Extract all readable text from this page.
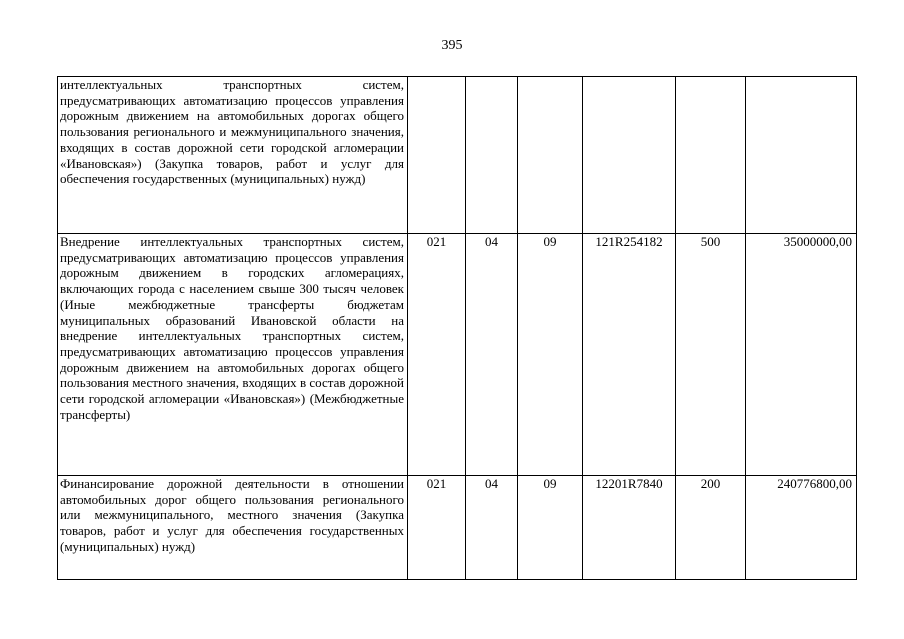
395
интеллектуальных транспортных систем, предусматривающих автоматизацию процессов управления дорожным движением на автомобильных дорогах общего пользования регионального и межмуниципального значения, входящих в состав дорожной сети городской агломерации «Ивановская») (Закупка товаров, работ и услуг для обеспечения государственных (муниципальных) нужд)						
Внедрение интеллектуальных транспортных систем, предусматривающих автоматизацию процессов управления дорожным движением в городских агломерациях, включающих города с населением свыше 300 тысяч человек (Иные межбюджетные трансферты бюджетам муниципальных образований Ивановской области на внедрение интеллектуальных транспортных систем, предусматривающих автоматизацию процессов управления дорожным движением на автомобильных дорогах общего пользования местного значения, входящих в состав дорожной сети городской агломерации «Ивановская») (Межбюджетные трансферты)	021	04	09	121R254182	500	35000000,00
Финансирование дорожной деятельности в отношении автомобильных дорог общего пользования регионального или межмуниципального, местного значения (Закупка товаров, работ и услуг для обеспечения государственных (муниципальных) нужд)	021	04	09	12201R7840	200	240776800,00
